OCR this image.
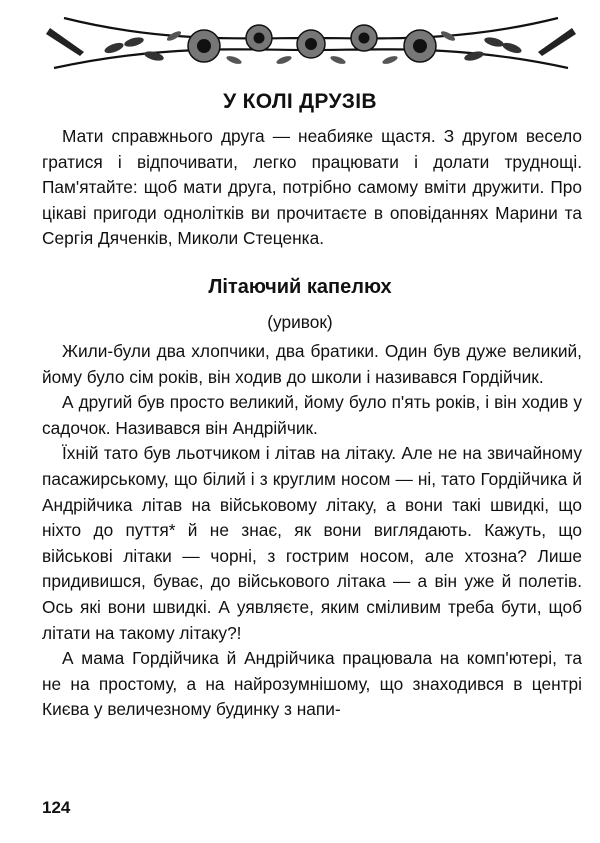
У КОЛІ ДРУЗІВ

Мати справжнього друга — неабияке щастя. З другом весело гратися і відпочивати, легко працювати і долати труднощі. Пам'ятайте: щоб мати друга, потрібно самому вміти дружити. Про цікаві пригоди однолітків ви прочитаєте в оповіданнях Марини та Сергія Дяченків, Миколи Стеценка.

Літаючий капелюх
(уривок)

Жили-були два хлопчики, два братики. Один був дуже великий, йому було сім років, він ходив до школи і називався Гордійчик.

А другий був просто великий, йому було п'ять років, і він ходив у садочок. Називався він Андрійчик.

Їхній тато був льотчиком і літав на літаку. Але не на звичайному пасажирському, що білий і з круглим носом — ні, тато Гордійчика й Андрійчика літав на військовому літаку, а вони такі швидкі, що ніхто до пуття* й не знає, як вони виглядають. Кажуть, що військові літаки — чорні, з гострим носом, але хтозна? Лише придивишся, буває, до військового літака — а він уже й полетів. Ось які вони швидкі. А уявляєте, яким сміливим треба бути, щоб літати на такому літаку?!

А мама Гордійчика й Андрійчика працювала на комп'ютері, та не на простому, а на найрозумнішому, що знаходився в центрі Києва у величезному будинку з напи-

124
